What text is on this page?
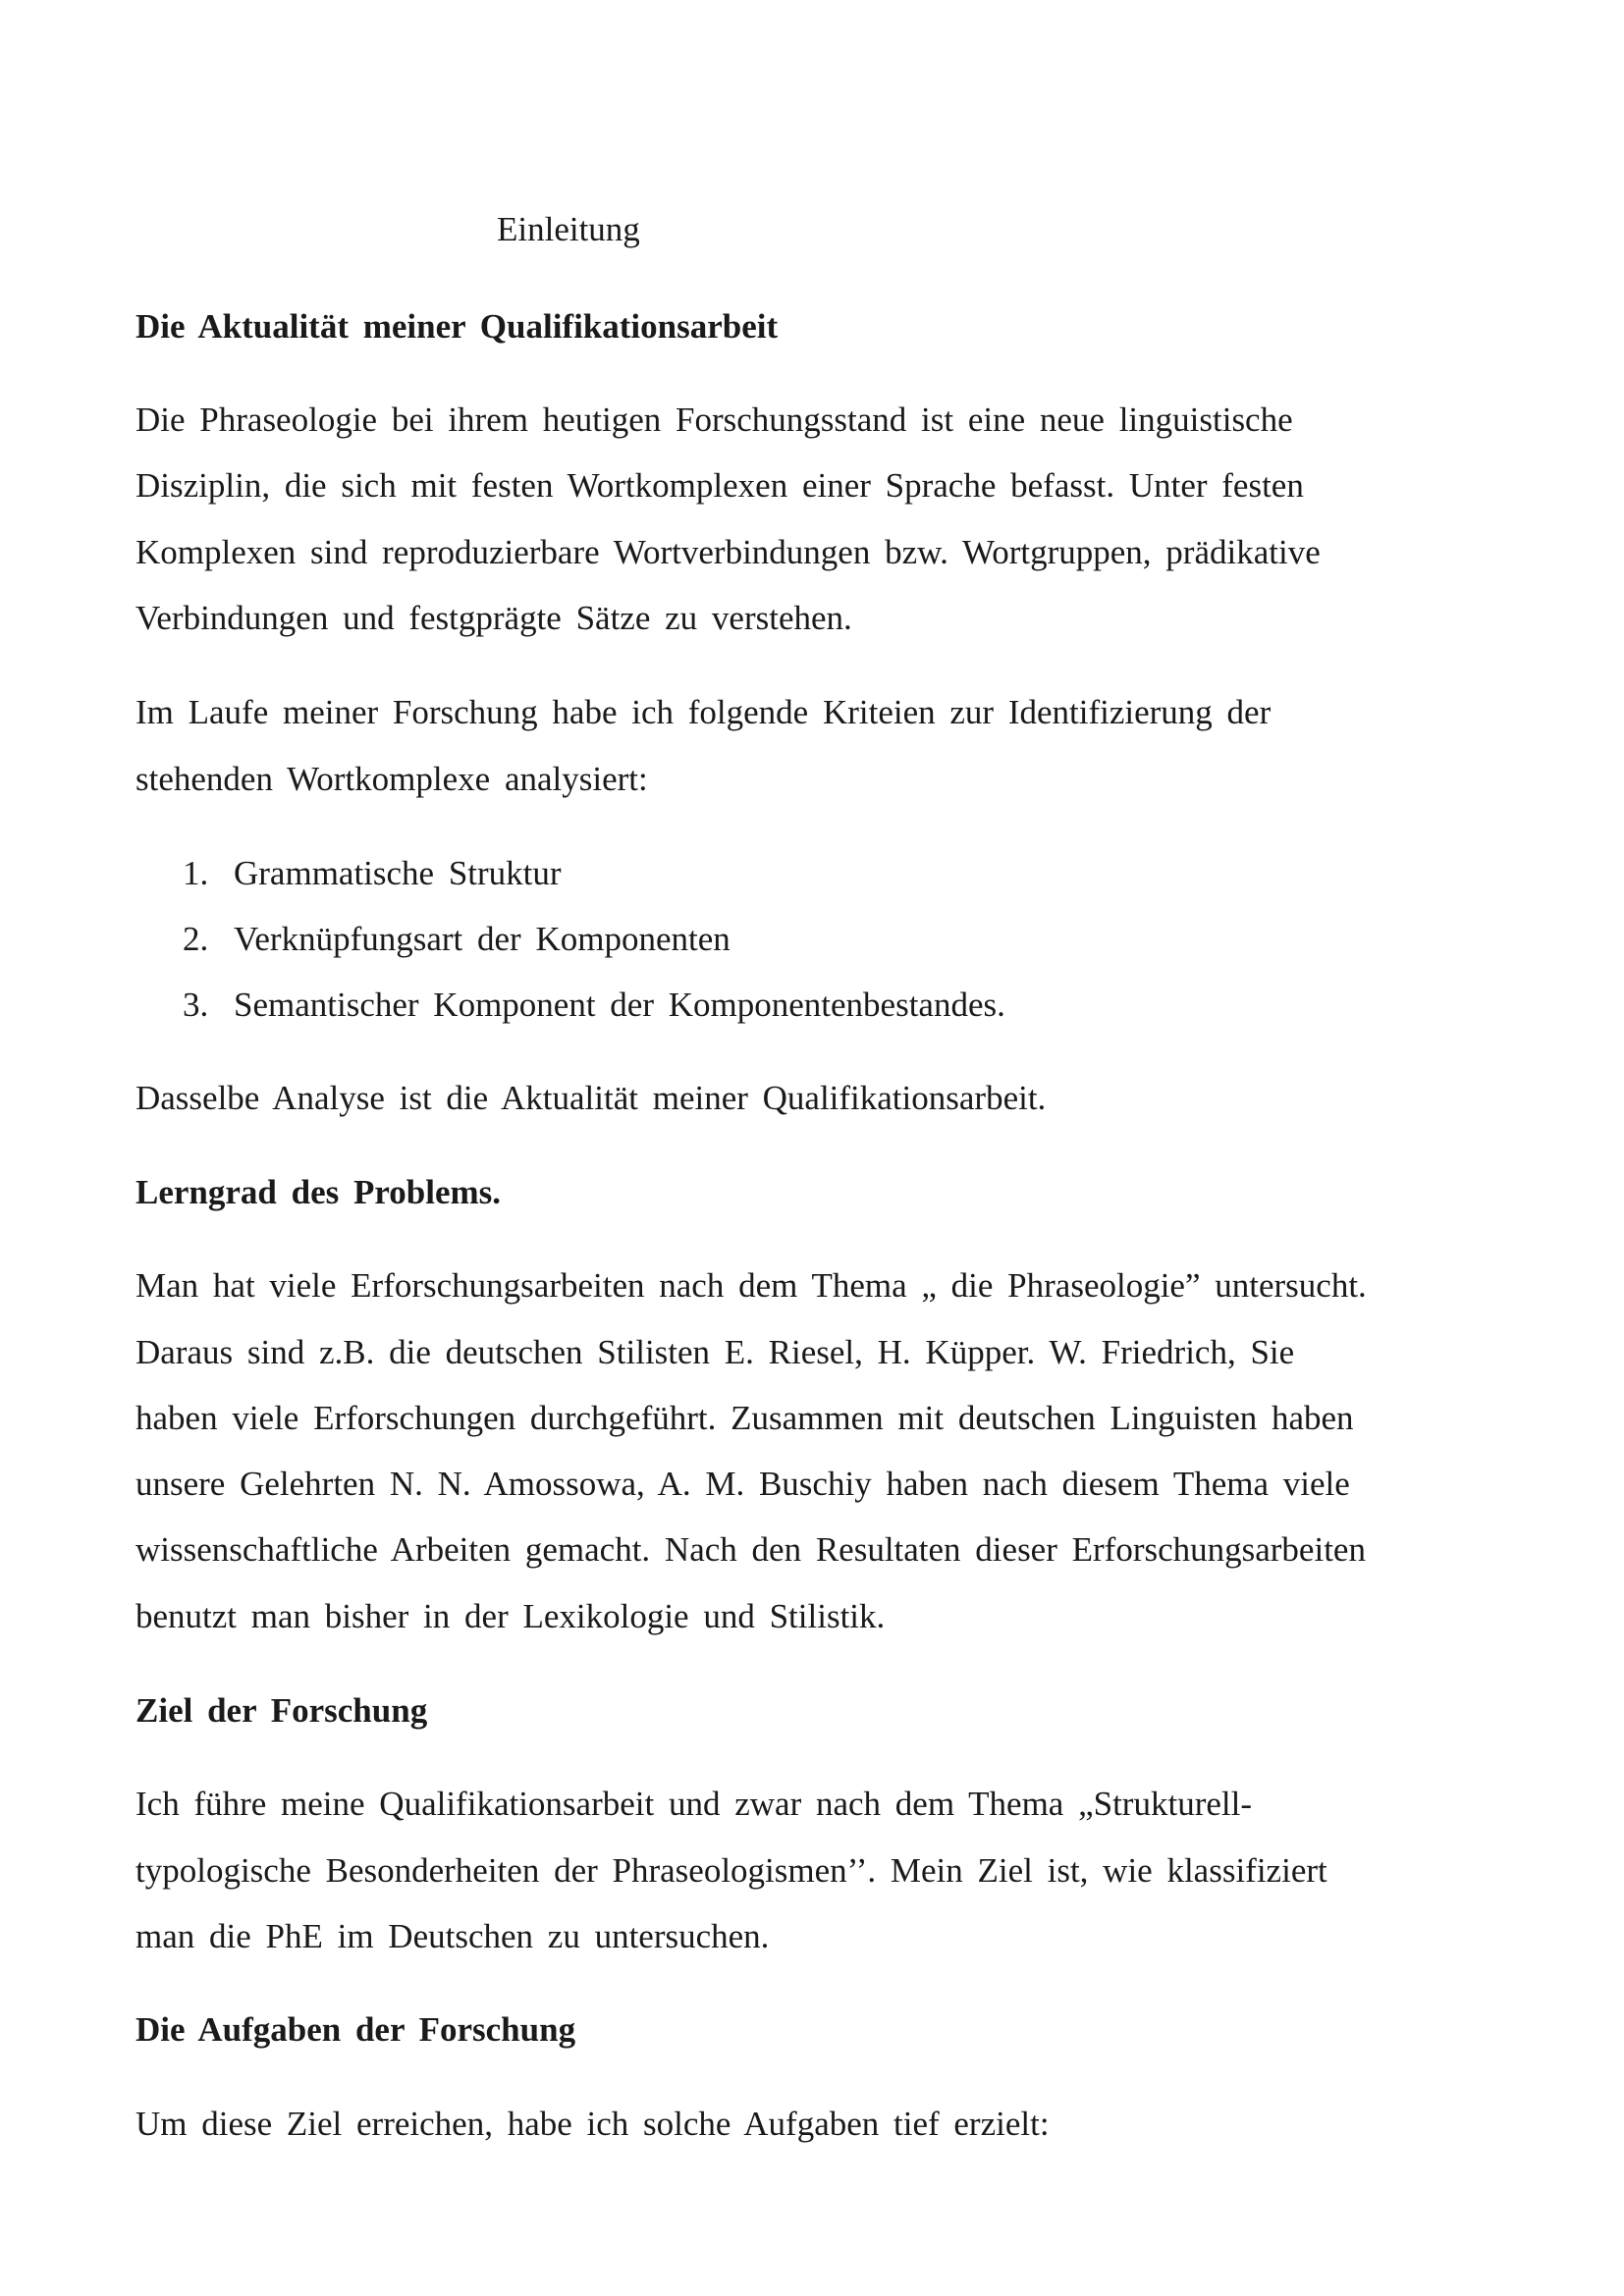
Einleitung
Die Aktualität meiner Qualifikationsarbeit
Die Phraseologie bei ihrem heutigen Forschungsstand ist eine neue linguistische
Disziplin, die sich mit festen Wortkomplexen einer Sprache befasst. Unter festen
Komplexen sind reproduzierbare Wortverbindungen bzw. Wortgruppen, prädikative
Verbindungen und festgprägte Sätze zu verstehen.
Im Laufe meiner Forschung habe ich folgende Kriteien zur Identifizierung der
stehenden Wortkomplexe analysiert:
1. Grammatische Struktur
2. Verknüpfungsart der Komponenten
3. Semantischer Komponent der Komponentenbestandes.
Dasselbe Analyse ist die Aktualität meiner Qualifikationsarbeit.
Lerngrad des Problems.
Man hat viele Erforschungsarbeiten nach dem Thema „ die Phraseologie” untersucht.
Daraus sind z.B. die deutschen Stilisten E. Riesel, H. Küpper. W. Friedrich, Sie
haben viele Erforschungen durchgeführt. Zusammen mit deutschen Linguisten haben
unsere Gelehrten N. N. Amossowa, A. M. Buschiy haben nach diesem Thema viele
wissenschaftliche Arbeiten gemacht. Nach den Resultaten dieser Erforschungsarbeiten
benutzt man bisher in der Lexikologie und Stilistik.
Ziel der Forschung
Ich führe meine Qualifikationsarbeit und zwar nach dem Thema „Strukturell-
typologische Besonderheiten der Phraseologismen’’. Mein Ziel ist, wie klassifiziert
man die PhE im Deutschen zu untersuchen.
Die Aufgaben der Forschung
Um diese Ziel erreichen, habe ich solche Aufgaben tief erzielt:
